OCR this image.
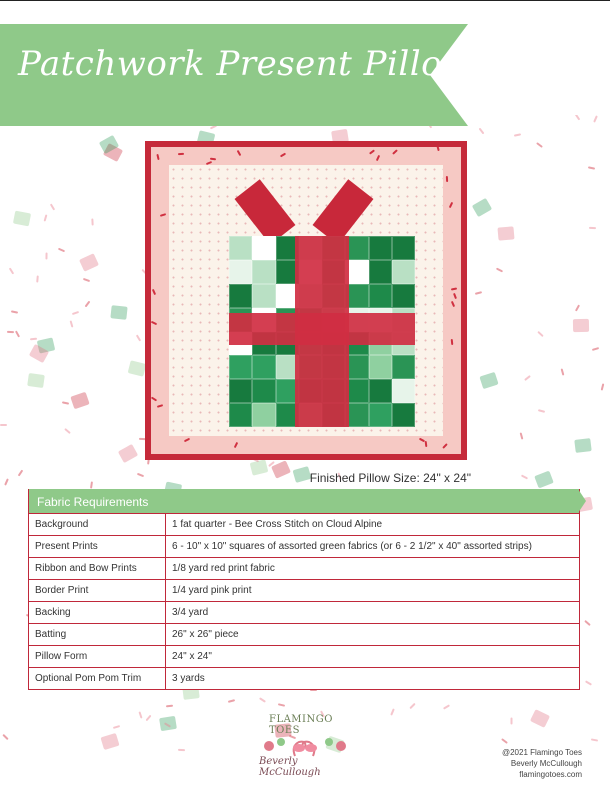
Patchwork Present Pillow
Finished Pillow Size: 24" x 24"
Fabric Requirements
Background	1 fat quarter - Bee Cross Stitch on Cloud Alpine
Present Prints	6 - 10" x 10" squares of assorted green fabrics (or 6 - 2 1/2" x 40" assorted strips)
Ribbon and Bow Prints	1/8 yard red print fabric
Border Print	1/4 yard pink print
Backing	3/4 yard
Batting	26" x 26" piece
Pillow Form	24" x 24"
Optional Pom Pom Trim	3 yards
FLAMINGO TOES
Beverly McCullough
@2021 Flamingo Toes
Beverly McCullough
flamingotoes.com
